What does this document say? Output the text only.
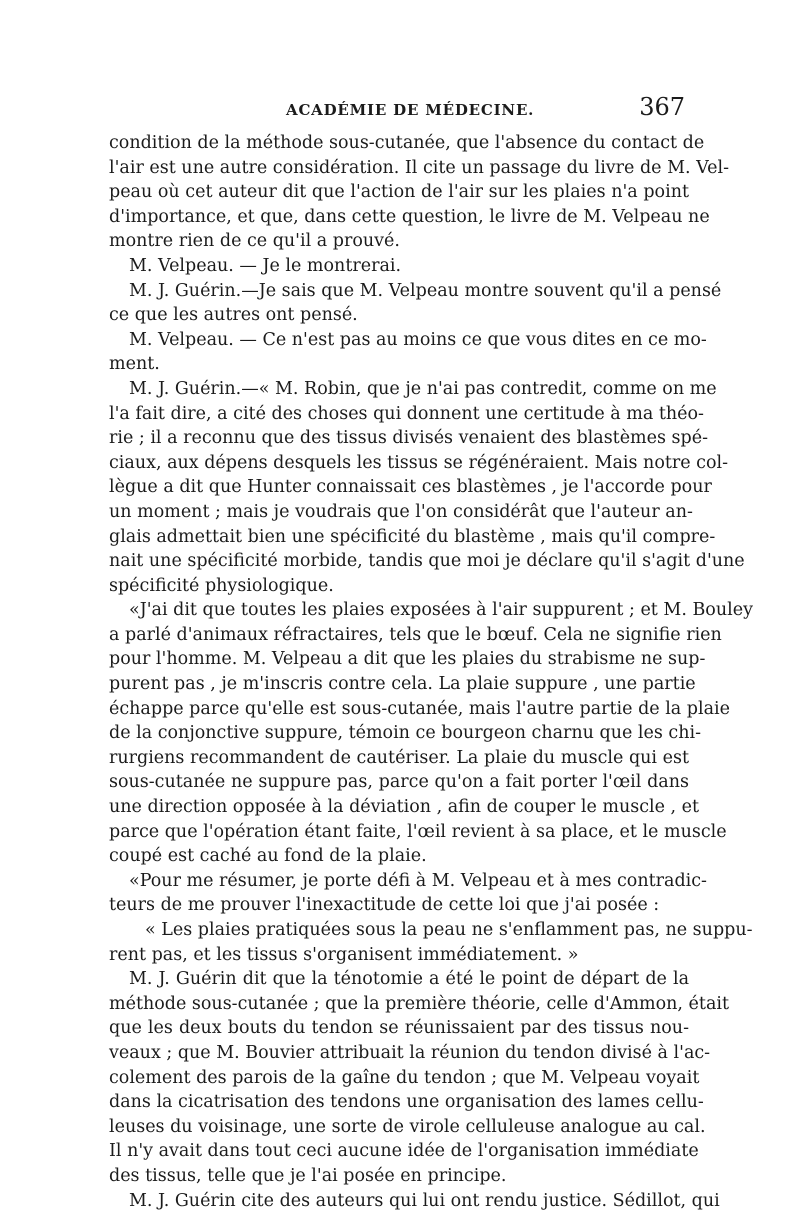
ACADÉMIE DE MÉDECINE.	367
condition de la méthode sous-cutanée, que l'absence du contact de
l'air est une autre considération. Il cite un passage du livre de M. Vel-
peau où cet auteur dit que l'action de l'air sur les plaies n'a point
d'importance, et que, dans cette question, le livre de M. Velpeau ne
montre rien de ce qu'il a prouvé.
M. Velpeau. — Je le montrerai.
M. J. Guérin.—Je sais que M. Velpeau montre souvent qu'il a pensé
ce que les autres ont pensé.
M. Velpeau. — Ce n'est pas au moins ce que vous dites en ce mo-
ment.
M. J. Guérin.—« M. Robin, que je n'ai pas contredit, comme on me
l'a fait dire, a cité des choses qui donnent une certitude à ma théo-
rie ; il a reconnu que des tissus divisés venaient des blastèmes spé-
ciaux, aux dépens desquels les tissus se régénéraient. Mais notre col-
lègue a dit que Hunter connaissait ces blastèmes , je l'accorde pour
un moment ; mais je voudrais que l'on considérât que l'auteur an-
glais admettait bien une spécificité du blastème , mais qu'il compre-
nait une spécificité morbide, tandis que moi je déclare qu'il s'agit d'une
spécificité physiologique.
«J'ai dit que toutes les plaies exposées à l'air suppurent ; et M. Bouley
a parlé d'animaux réfractaires, tels que le bœuf. Cela ne signifie rien
pour l'homme. M. Velpeau a dit que les plaies du strabisme ne sup-
purent pas , je m'inscris contre cela. La plaie suppure , une partie
échappe parce qu'elle est sous-cutanée, mais l'autre partie de la plaie
de la conjonctive suppure, témoin ce bourgeon charnu que les chi-
rurgiens recommandent de cautériser. La plaie du muscle qui est
sous-cutanée ne suppure pas, parce qu'on a fait porter l'œil dans
une direction opposée à la déviation , afin de couper le muscle , et
parce que l'opération étant faite, l'œil revient à sa place, et le muscle
coupé est caché au fond de la plaie.
«Pour me résumer, je porte défi à M. Velpeau et à mes contradic-
teurs de me prouver l'inexactitude de cette loi que j'ai posée :
« Les plaies pratiquées sous la peau ne s'enflamment pas, ne suppu-
rent pas, et les tissus s'organisent immédiatement. »
M. J. Guérin dit que la ténotomie a été le point de départ de la
méthode sous-cutanée ; que la première théorie, celle d'Ammon, était
que les deux bouts du tendon se réunissaient par des tissus nou-
veaux ; que M. Bouvier attribuait la réunion du tendon divisé à l'ac-
colement des parois de la gaîne du tendon ; que M. Velpeau voyait
dans la cicatrisation des tendons une organisation des lames cellu-
leuses du voisinage, une sorte de virole celluleuse analogue au cal.
Il n'y avait dans tout ceci aucune idée de l'organisation immédiate
des tissus, telle que je l'ai posée en principe.
M. J. Guérin cite des auteurs qui lui ont rendu justice. Sédillot, qui
